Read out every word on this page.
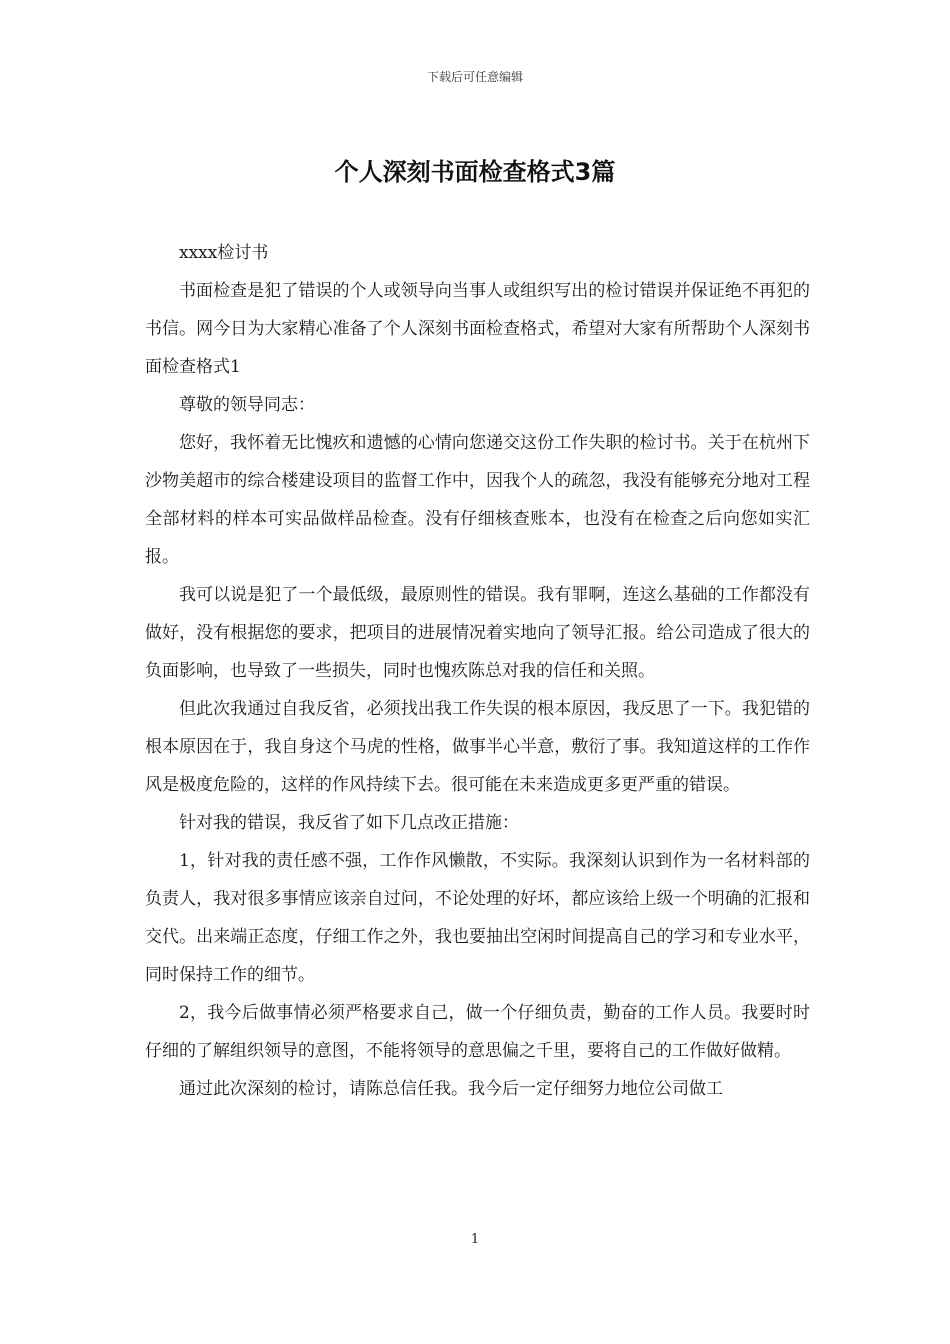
下载后可任意编辑
个人深刻书面检查格式3篇

xxxx检讨书

书面检查是犯了错误的个人或领导向当事人或组织写出的检讨错误并保证绝不再犯的书信。网今日为大家精心准备了个人深刻书面检查格式，希望对大家有所帮助个人深刻书面检查格式1

尊敬的领导同志：

您好，我怀着无比愧疚和遗憾的心情向您递交这份工作失职的检讨书。关于在杭州下沙物美超市的综合楼建设项目的监督工作中，因我个人的疏忽，我没有能够充分地对工程全部材料的样本可实品做样品检查。没有仔细核查账本，也没有在检查之后向您如实汇报。

我可以说是犯了一个最低级，最原则性的错误。我有罪啊，连这么基础的工作都没有做好，没有根据您的要求，把项目的进展情况着实地向了领导汇报。给公司造成了很大的负面影响，也导致了一些损失，同时也愧疚陈总对我的信任和关照。

但此次我通过自我反省，必须找出我工作失误的根本原因，我反思了一下。我犯错的根本原因在于，我自身这个马虎的性格，做事半心半意，敷衍了事。我知道这样的工作作风是极度危险的，这样的作风持续下去。很可能在未来造成更多更严重的错误。

针对我的错误，我反省了如下几点改正措施：

1，针对我的责任感不强，工作作风懒散，不实际。我深刻认识到作为一名材料部的负责人，我对很多事情应该亲自过问，不论处理的好坏，都应该给上级一个明确的汇报和交代。出来端正态度，仔细工作之外，我也要抽出空闲时间提高自己的学习和专业水平，同时保持工作的细节。

2，我今后做事情必须严格要求自己，做一个仔细负责，勤奋的工作人员。我要时时仔细的了解组织领导的意图，不能将领导的意思偏之千里，要将自己的工作做好做精。

通过此次深刻的检讨，请陈总信任我。我今后一定仔细努力地位公司做工

1
